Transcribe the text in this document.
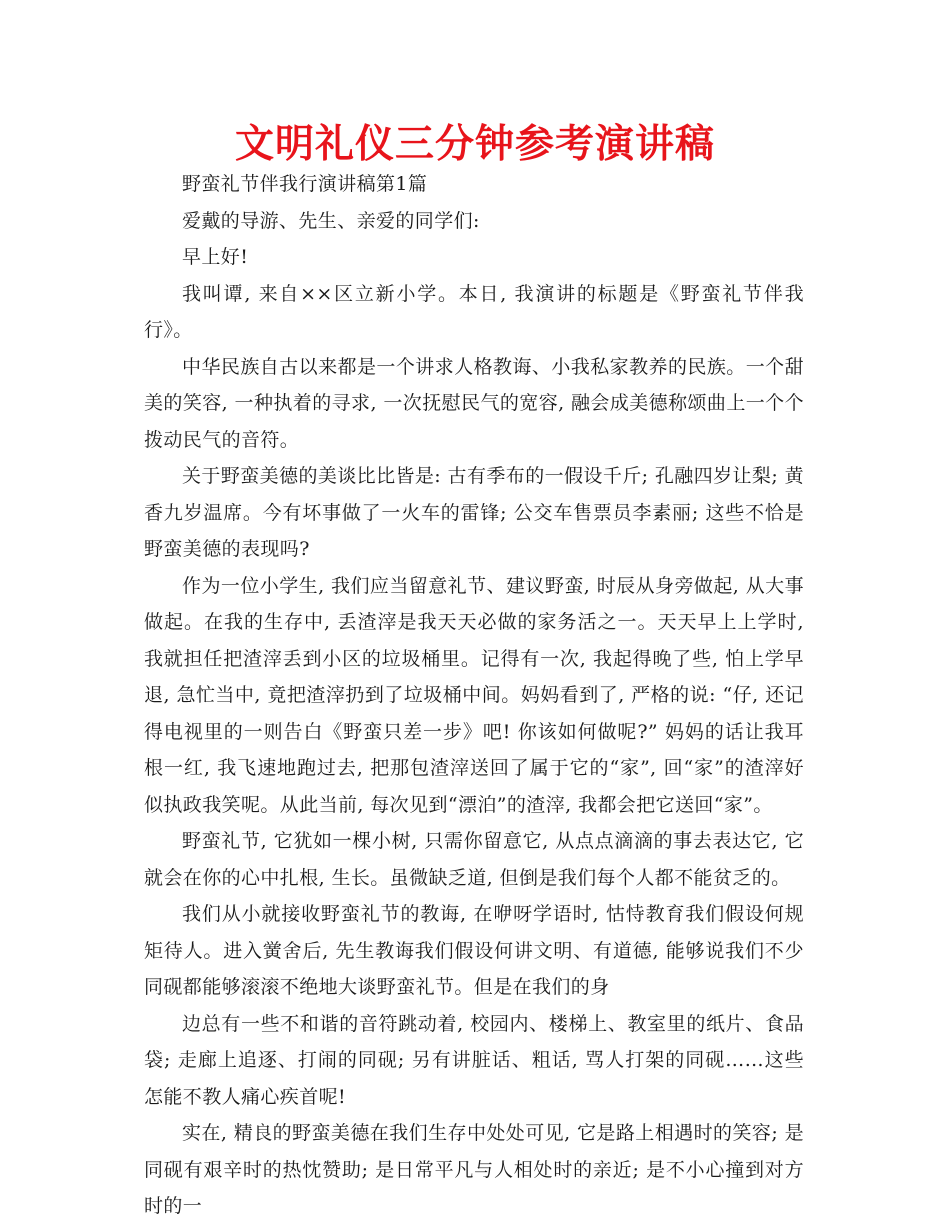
文明礼仪三分钟参考演讲稿

野蛮礼节伴我行演讲稿第1篇

爱戴的导游、先生、亲爱的同学们:

早上好!

我叫谭, 来自××区立新小学。本日, 我演讲的标题是《野蛮礼节伴我行》。

中华民族自古以来都是一个讲求人格教诲、小我私家教养的民族。一个甜美的笑容, 一种执着的寻求, 一次抚慰民气的宽容, 融会成美德称颂曲上一个个拨动民气的音符。

关于野蛮美德的美谈比比皆是: 古有季布的一假设千斤; 孔融四岁让梨; 黄香九岁温席。今有坏事做了一火车的雷锋; 公交车售票员李素丽; 这些不恰是野蛮美德的表现吗?

作为一位小学生, 我们应当留意礼节、建议野蛮, 时辰从身旁做起, 从大事做起。在我的生存中, 丢渣滓是我天天必做的家务活之一。天天早上上学时, 我就担任把渣滓丢到小区的垃圾桶里。记得有一次, 我起得晚了些, 怕上学早退, 急忙当中, 竟把渣滓扔到了垃圾桶中间。妈妈看到了, 严格的说: “仔, 还记得电视里的一则告白《野蛮只差一步》吧! 你该如何做呢?” 妈妈的话让我耳根一红, 我飞速地跑过去, 把那包渣滓送回了属于它的“家”, 回“家”的渣滓好似执政我笑呢。从此当前, 每次见到“漂泊”的渣滓, 我都会把它送回“家”。

野蛮礼节, 它犹如一棵小树, 只需你留意它, 从点点滴滴的事去表达它, 它就会在你的心中扎根, 生长。虽微缺乏道, 但倒是我们每个人都不能贫乏的。

我们从小就接收野蛮礼节的教诲, 在咿呀学语时, 怙恃教育我们假设何规矩待人。进入黉舍后, 先生教诲我们假设何讲文明、有道德, 能够说我们不少同砚都能够滚滚不绝地大谈野蛮礼节。但是在我们的身

边总有一些不和谐的音符跳动着, 校园内、楼梯上、教室里的纸片、食品袋; 走廊上追逐、打闹的同砚; 另有讲脏话、粗话, 骂人打架的同砚……这些怎能不教人痛心疾首呢!

实在, 精良的野蛮美德在我们生存中处处可见, 它是路上相遇时的笑容; 是同砚有艰辛时的热忱赞助; 是日常平凡与人相处时的亲近; 是不小心撞到对方时的一
